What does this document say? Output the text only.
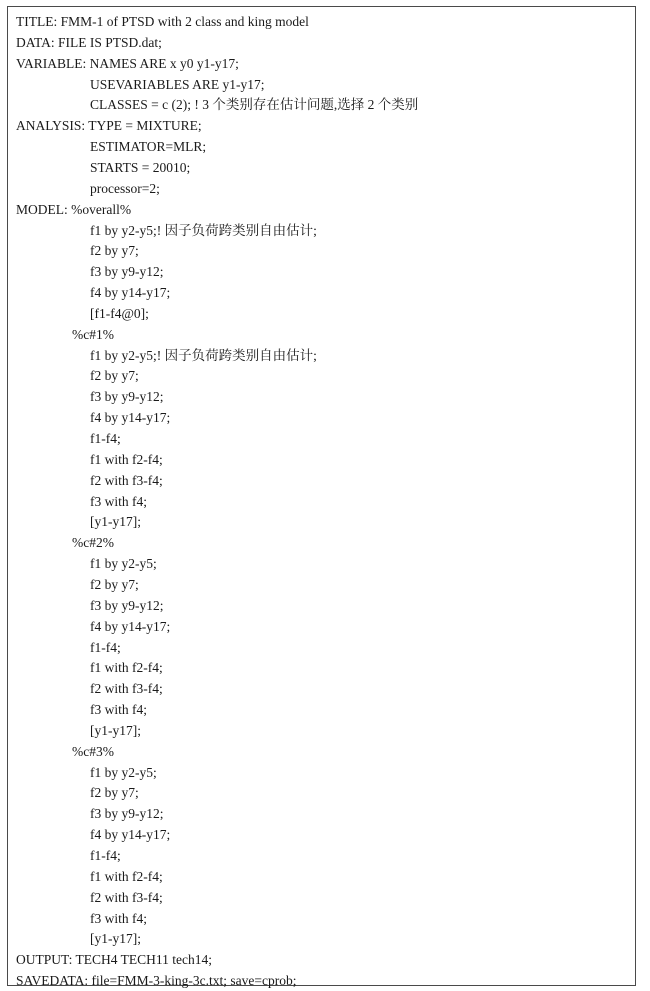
TITLE: FMM-1 of PTSD with 2 class and king model
DATA: FILE IS PTSD.dat;
VARIABLE: NAMES ARE x y0 y1-y17;
USEVARIABLES ARE y1-y17;
CLASSES = c (2); ! 3 个类别存在估计问题,选择 2 个类别
ANALYSIS: TYPE = MIXTURE;
ESTIMATOR=MLR;
STARTS = 20010;
processor=2;
MODEL: %overall%
f1 by y2-y5;! 因子负荷跨类别自由估计;
f2 by y7;
f3 by y9-y12;
f4 by y14-y17;
[f1-f4@0];
%c#1%
f1 by y2-y5;! 因子负荷跨类别自由估计;
f2 by y7;
f3 by y9-y12;
f4 by y14-y17;
f1-f4;
f1 with f2-f4;
f2 with f3-f4;
f3 with f4;
[y1-y17];
%c#2%
f1 by y2-y5;
f2 by y7;
f3 by y9-y12;
f4 by y14-y17;
f1-f4;
f1 with f2-f4;
f2 with f3-f4;
f3 with f4;
[y1-y17];
%c#3%
f1 by y2-y5;
f2 by y7;
f3 by y9-y12;
f4 by y14-y17;
f1-f4;
f1 with f2-f4;
f2 with f3-f4;
f3 with f4;
[y1-y17];
OUTPUT: TECH4 TECH11 tech14;
SAVEDATA: file=FMM-3-king-3c.txt; save=cprob;
